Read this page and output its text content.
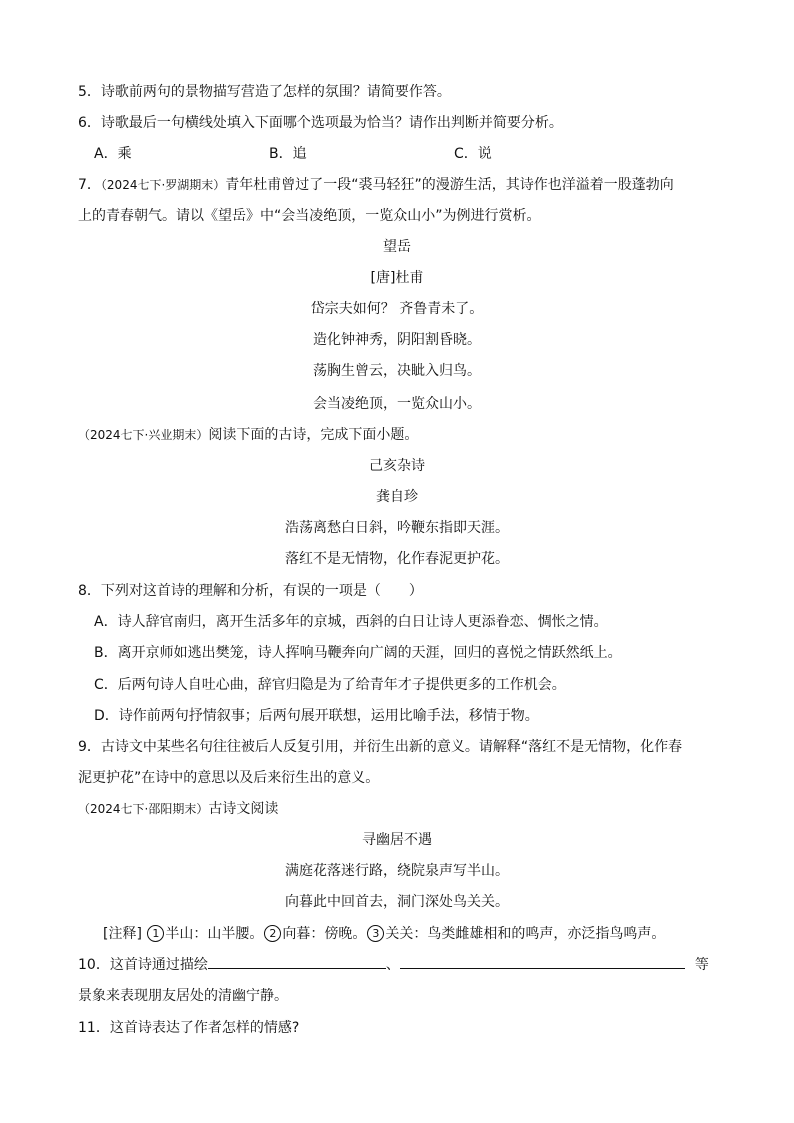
5．诗歌前两句的景物描写营造了怎样的氛围？请简要作答。
6．诗歌最后一句横线处填入下面哪个选项最为恰当？请作出判断并简要分析。
A．乘	B．追	C．说
7．（2024七下·罗湖期末）青年杜甫曾过了一段“裘马轻狂”的漫游生活，其诗作也洋溢着一股蓬勃向
上的青春朝气。请以《望岳》中“会当凌绝顶，一览众山小”为例进行赏析。
望岳
[唐]杜甫
岱宗夫如何？ 齐鲁青未了。
造化钟神秀，阴阳割昏晓。
荡胸生曾云，决眦入归鸟。
会当凌绝顶，一览众山小。
（2024七下·兴业期末）阅读下面的古诗，完成下面小题。
己亥杂诗
龚自珍
浩荡离愁白日斜，吟鞭东指即天涯。
落红不是无情物，化作春泥更护花。
8．下列对这首诗的理解和分析，有误的一项是（　　）
A．诗人辞官南归，离开生活多年的京城，西斜的白日让诗人更添眷恋、惆怅之情。
B．离开京师如逃出樊笼，诗人挥响马鞭奔向广阔的天涯，回归的喜悦之情跃然纸上。
C．后两句诗人自吐心曲，辞官归隐是为了给青年才子提供更多的工作机会。
D．诗作前两句抒情叙事；后两句展开联想，运用比喻手法，移情于物。
9．古诗文中某些名句往往被后人反复引用，并衍生出新的意义。请解释“落红不是无情物，化作春
泥更护花”在诗中的意思以及后来衍生出的意义。
（2024七下·邵阳期末）古诗文阅读
寻幽居不遇
满庭花落迷行路，绕院泉声写半山。
向暮此中回首去，洞门深处鸟关关。
[注释] 1 半山：山半腰。 2 向暮：傍晚。 3 关关：鸟类雌雄相和的鸣声，亦泛指鸟鸣声。
10．这首诗通过描绘	、	等
景象来表现朋友居处的清幽宁静。
11．这首诗表达了作者怎样的情感?
